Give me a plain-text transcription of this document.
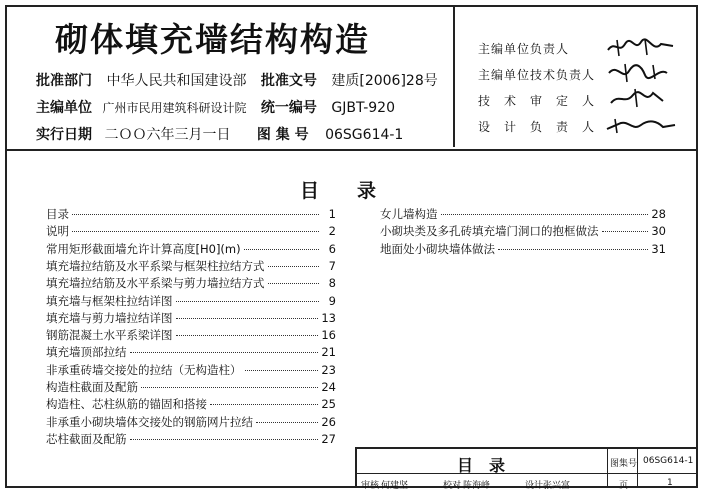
砌体填充墙结构构造
批准部门 中华人民共和国建设部 批准文号 建质[2006]28号
主编单位 广州市民用建筑科研设计院 统一编号 GJBT-920
实行日期 二ＯＯ六年三月一日 图 集 号 06SG614-1
主编单位负责人
主编单位技术负责人
技　术　审　定　人
设　计　负　责　人
目　　录
目录	1
说明	2
常用矩形截面墙允许计算高度[H0](m)	6
填充墙拉结筋及水平系梁与框架柱拉结方式	7
填充墙拉结筋及水平系梁与剪力墙拉结方式	8
填充墙与框架柱拉结详图	9
填充墙与剪力墙拉结详图	13
钢筋混凝土水平系梁详图	16
填充墙顶部拉结	21
非承重砖墙交接处的拉结（无构造柱）	23
构造柱截面及配筋	24
构造柱、芯柱纵筋的锚固和搭接	25
非承重小砌块墙体交接处的钢筋网片拉结	26
芯柱截面及配筋	27
女儿墙构造	28
小砌块类及多孔砖填充墙门洞口的抱框做法	30
地面处小砌块墙体做法	31
目　录	图集号 06SG614-1
审核 何建坚	校对 陈海峰	设计 张兴富	页	1
